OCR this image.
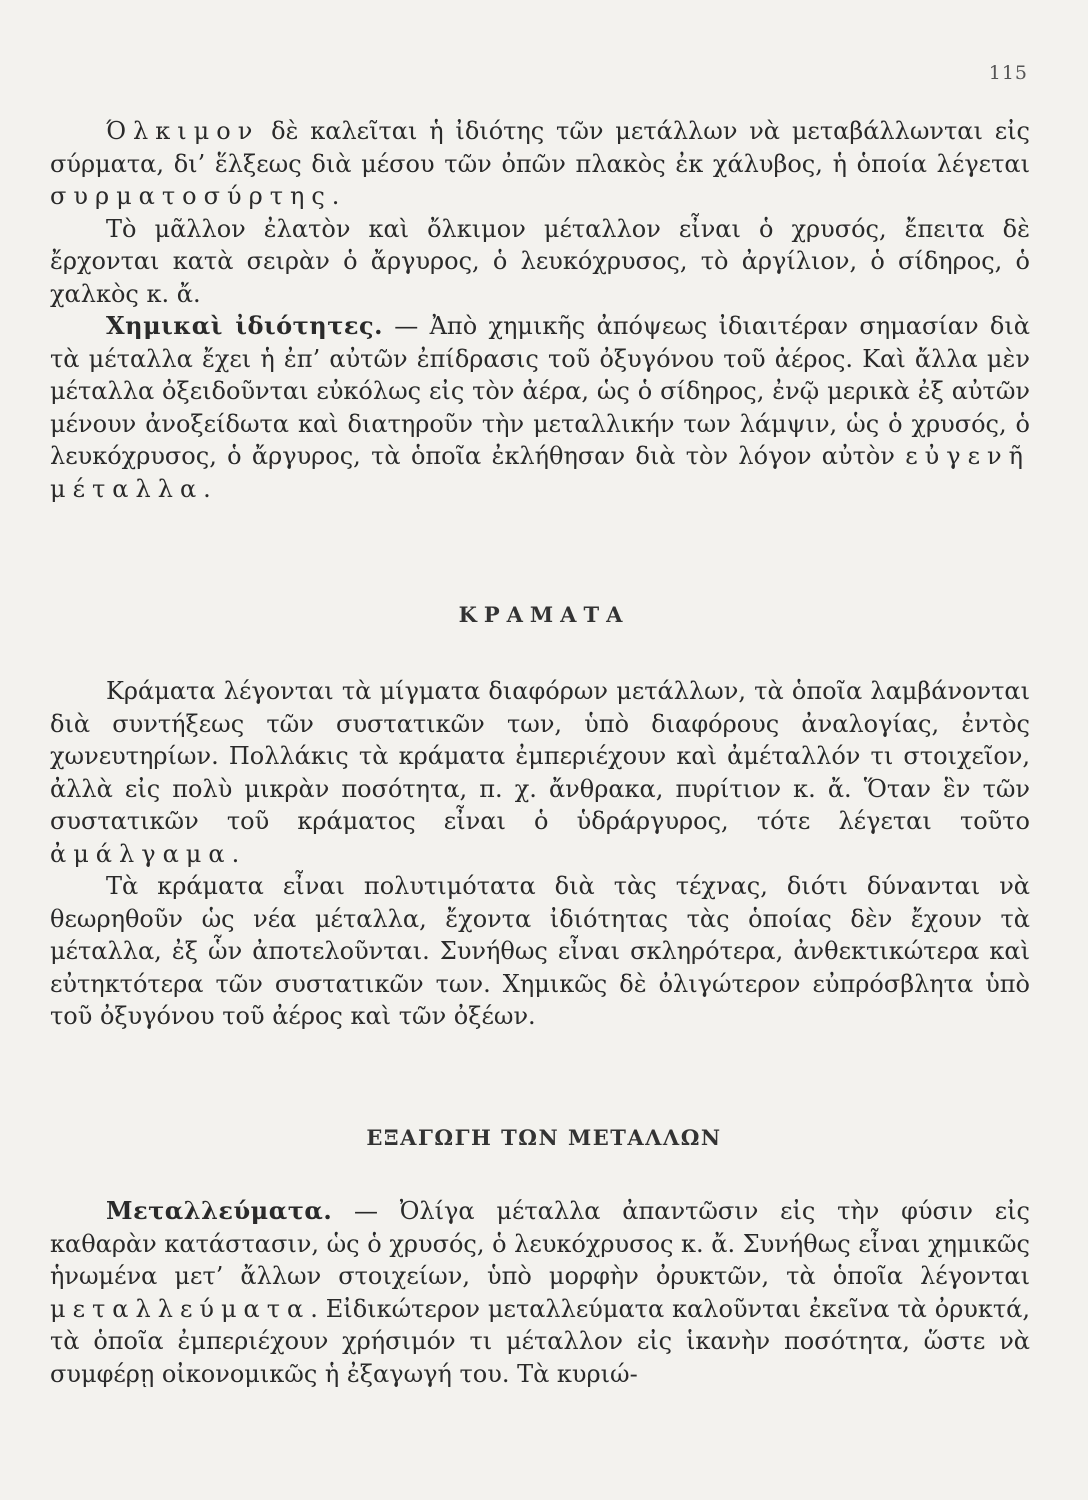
115

Όλκιμον δὲ καλεῖται ἡ ἰδιότης τῶν μετάλλων νὰ μεταβάλλωνται εἰς σύρματα, δι’ ἕλξεως διὰ μέσου τῶν ὀπῶν πλακὸς ἐκ χάλυβος, ἡ ὁποία λέγεται συρματοσύρτης.

Τὸ μᾶλλον ἐλατὸν καὶ ὄλκιμον μέταλλον εἶναι ὁ χρυσός, ἔπειτα δὲ ἔρχονται κατὰ σειρὰν ὁ ἄργυρος, ὁ λευκόχρυσος, τὸ ἀργίλιον, ὁ σίδηρος, ὁ χαλκὸς κ. ἄ.

Χημικαὶ ἰδιότητες. — Ἀπὸ χημικῆς ἀπόψεως ἰδιαιτέραν σημασίαν διὰ τὰ μέταλλα ἔχει ἡ ἐπ’ αὐτῶν ἐπίδρασις τοῦ ὀξυγόνου τοῦ ἀέρος. Καὶ ἄλλα μὲν μέταλλα ὀξειδοῦνται εὐκόλως εἰς τὸν ἀέρα, ὡς ὁ σίδηρος, ἐνῷ μερικὰ ἐξ αὐτῶν μένουν ἀνοξείδωτα καὶ διατηροῦν τὴν μεταλλικήν των λάμψιν, ὡς ὁ χρυσός, ὁ λευκόχρυσος, ὁ ἄργυρος, τὰ ὁποῖα ἐκλήθησαν διὰ τὸν λόγον αὐτὸν εὐγενῆ μέταλλα.

ΚΡΑΜΑΤΑ

Κράματα λέγονται τὰ μίγματα διαφόρων μετάλλων, τὰ ὁποῖα λαμβάνονται διὰ συντήξεως τῶν συστατικῶν των, ὑπὸ διαφόρους ἀναλογίας, ἐντὸς χωνευτηρίων. Πολλάκις τὰ κράματα ἐμπεριέχουν καὶ ἀμέταλλόν τι στοιχεῖον, ἀλλὰ εἰς πολὺ μικρὰν ποσότητα, π. χ. ἄνθρακα, πυρίτιον κ. ἄ. Ὅταν ἓν τῶν συστατικῶν τοῦ κράματος εἶναι ὁ ὑδράργυρος, τότε λέγεται τοῦτο ἀμάλγαμα.

Τὰ κράματα εἶναι πολυτιμότατα διὰ τὰς τέχνας, διότι δύνανται νὰ θεωρηθοῦν ὡς νέα μέταλλα, ἔχοντα ἰδιότητας τὰς ὁποίας δὲν ἔχουν τὰ μέταλλα, ἐξ ὧν ἀποτελοῦνται. Συνήθως εἶναι σκληρότερα, ἀνθεκτικώτερα καὶ εὐτηκτότερα τῶν συστατικῶν των. Χημικῶς δὲ ὀλιγώτερον εὐπρόσβλητα ὑπὸ τοῦ ὀξυγόνου τοῦ ἀέρος καὶ τῶν ὀξέων.

ΕΞΑΓΩΓΗ ΤΩΝ ΜΕΤΑΛΛΩΝ

Μεταλλεύματα. — Ὀλίγα μέταλλα ἀπαντῶσιν εἰς τὴν φύσιν εἰς καθαρὰν κατάστασιν, ὡς ὁ χρυσός, ὁ λευκόχρυσος κ. ἄ. Συνήθως εἶναι χημικῶς ἡνωμένα μετ’ ἄλλων στοιχείων, ὑπὸ μορφὴν ὀρυκτῶν, τὰ ὁποῖα λέγονται μεταλλεύματα. Εἰδικώτερον μεταλλεύματα καλοῦνται ἐκεῖνα τὰ ὀρυκτά, τὰ ὁποῖα ἐμπεριέχουν χρήσιμόν τι μέταλλον εἰς ἱκανὴν ποσότητα, ὥστε νὰ συμφέρῃ οἰκονομικῶς ἡ ἐξαγωγή του. Τὰ κυριώ-
